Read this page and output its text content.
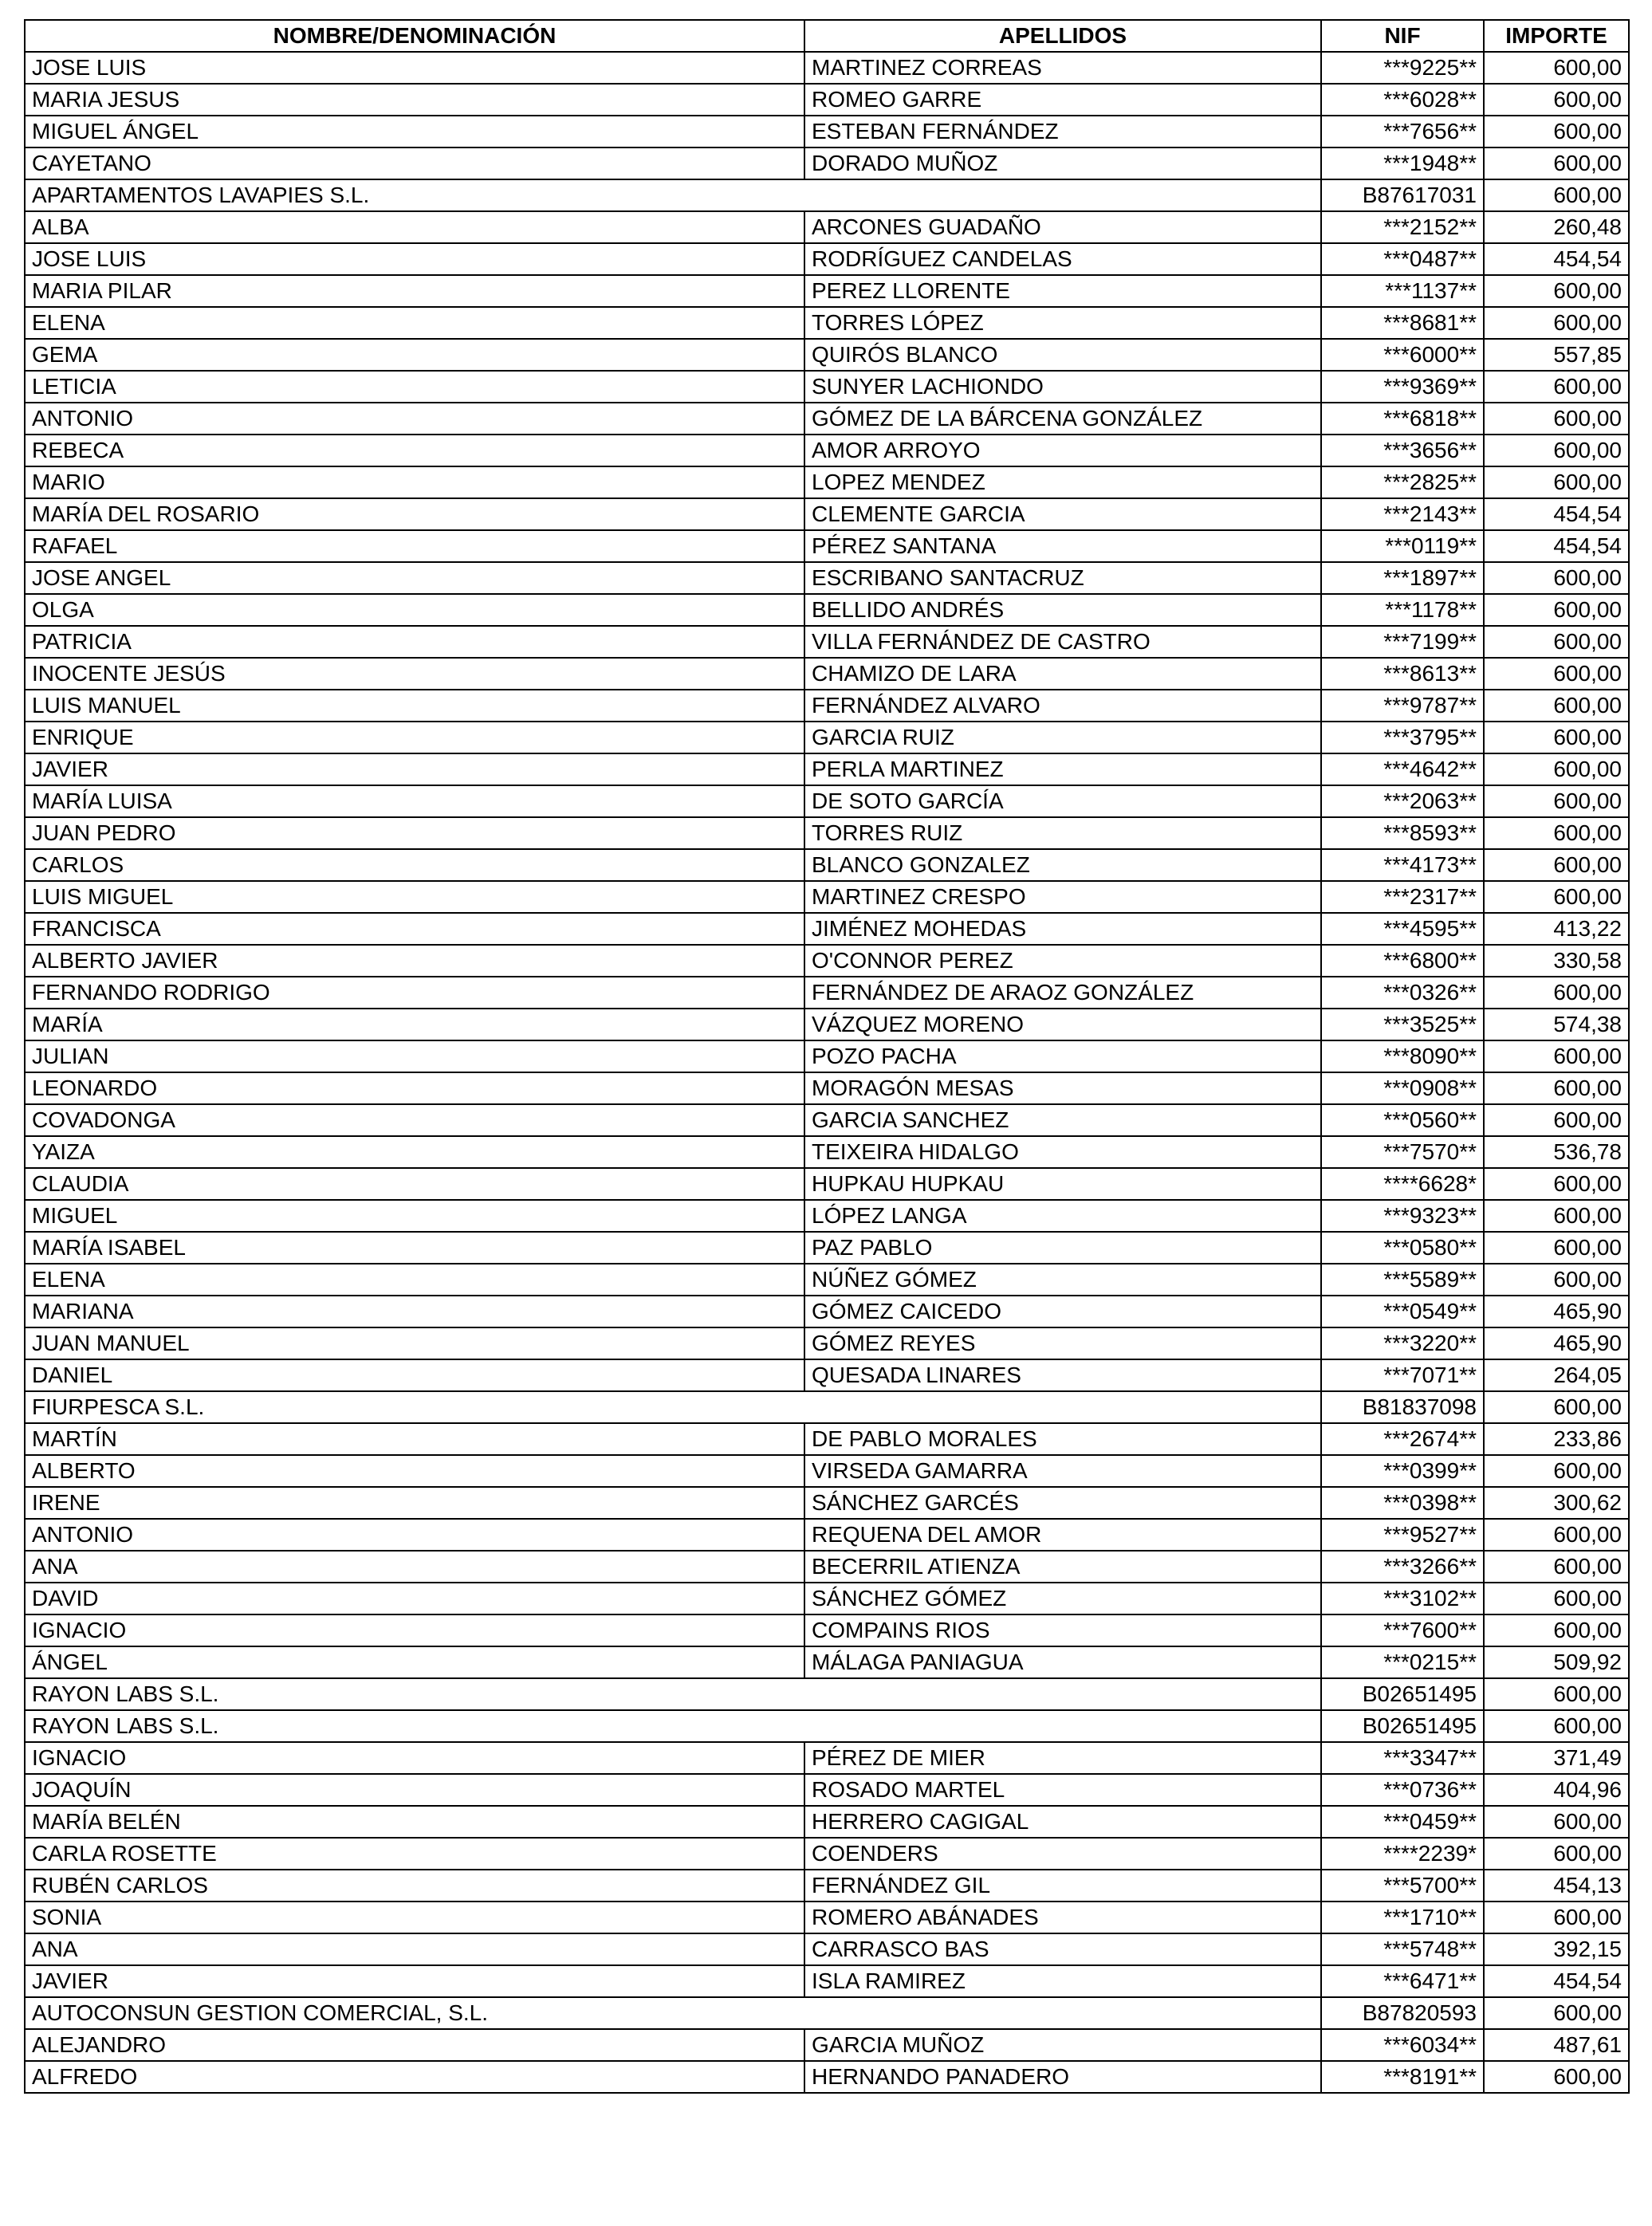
NOMBRE/DENOMINACIÓN	APELLIDOS	NIF	IMPORTE
JOSE LUIS	MARTINEZ CORREAS	***9225**	600,00
MARIA JESUS	ROMEO GARRE	***6028**	600,00
MIGUEL ÁNGEL	ESTEBAN FERNÁNDEZ	***7656**	600,00
CAYETANO	DORADO MUÑOZ	***1948**	600,00
APARTAMENTOS LAVAPIES S.L.		B87617031	600,00
ALBA	ARCONES GUADAÑO	***2152**	260,48
JOSE LUIS	RODRÍGUEZ CANDELAS	***0487**	454,54
MARIA PILAR	PEREZ LLORENTE	***1137**	600,00
ELENA	TORRES LÓPEZ	***8681**	600,00
GEMA	QUIRÓS BLANCO	***6000**	557,85
LETICIA	SUNYER LACHIONDO	***9369**	600,00
ANTONIO	GÓMEZ DE LA BÁRCENA GONZÁLEZ	***6818**	600,00
REBECA	AMOR ARROYO	***3656**	600,00
MARIO	LOPEZ MENDEZ	***2825**	600,00
MARÍA DEL ROSARIO	CLEMENTE GARCIA	***2143**	454,54
RAFAEL	PÉREZ SANTANA	***0119**	454,54
JOSE ANGEL	ESCRIBANO SANTACRUZ	***1897**	600,00
OLGA	BELLIDO ANDRÉS	***1178**	600,00
PATRICIA	VILLA FERNÁNDEZ DE CASTRO	***7199**	600,00
INOCENTE JESÚS	CHAMIZO DE LARA	***8613**	600,00
LUIS MANUEL	FERNÁNDEZ ALVARO	***9787**	600,00
ENRIQUE	GARCIA RUIZ	***3795**	600,00
JAVIER	PERLA MARTINEZ	***4642**	600,00
MARÍA LUISA	DE SOTO GARCÍA	***2063**	600,00
JUAN PEDRO	TORRES RUIZ	***8593**	600,00
CARLOS	BLANCO GONZALEZ	***4173**	600,00
LUIS MIGUEL	MARTINEZ CRESPO	***2317**	600,00
FRANCISCA	JIMÉNEZ MOHEDAS	***4595**	413,22
ALBERTO JAVIER	O'CONNOR PEREZ	***6800**	330,58
FERNANDO RODRIGO	FERNÁNDEZ DE ARAOZ GONZÁLEZ	***0326**	600,00
MARÍA	VÁZQUEZ MORENO	***3525**	574,38
JULIAN	POZO PACHA	***8090**	600,00
LEONARDO	MORAGÓN MESAS	***0908**	600,00
COVADONGA	GARCIA SANCHEZ	***0560**	600,00
YAIZA	TEIXEIRA HIDALGO	***7570**	536,78
CLAUDIA	HUPKAU HUPKAU	****6628*	600,00
MIGUEL	LÓPEZ LANGA	***9323**	600,00
MARÍA ISABEL	PAZ PABLO	***0580**	600,00
ELENA	NÚÑEZ GÓMEZ	***5589**	600,00
MARIANA	GÓMEZ CAICEDO	***0549**	465,90
JUAN MANUEL	GÓMEZ REYES	***3220**	465,90
DANIEL	QUESADA LINARES	***7071**	264,05
FIURPESCA S.L.		B81837098	600,00
MARTÍN	DE PABLO MORALES	***2674**	233,86
ALBERTO	VIRSEDA GAMARRA	***0399**	600,00
IRENE	SÁNCHEZ GARCÉS	***0398**	300,62
ANTONIO	REQUENA DEL AMOR	***9527**	600,00
ANA	BECERRIL ATIENZA	***3266**	600,00
DAVID	SÁNCHEZ GÓMEZ	***3102**	600,00
IGNACIO	COMPAINS RIOS	***7600**	600,00
ÁNGEL	MÁLAGA PANIAGUA	***0215**	509,92
RAYON LABS S.L.		B02651495	600,00
RAYON LABS S.L.		B02651495	600,00
IGNACIO	PÉREZ DE MIER	***3347**	371,49
JOAQUÍN	ROSADO MARTEL	***0736**	404,96
MARÍA BELÉN	HERRERO CAGIGAL	***0459**	600,00
CARLA ROSETTE	COENDERS	****2239*	600,00
RUBÉN CARLOS	FERNÁNDEZ GIL	***5700**	454,13
SONIA	ROMERO ABÁNADES	***1710**	600,00
ANA	CARRASCO BAS	***5748**	392,15
JAVIER	ISLA RAMIREZ	***6471**	454,54
AUTOCONSUN GESTION COMERCIAL, S.L.		B87820593	600,00
ALEJANDRO	GARCIA MUÑOZ	***6034**	487,61
ALFREDO	HERNANDO PANADERO	***8191**	600,00
